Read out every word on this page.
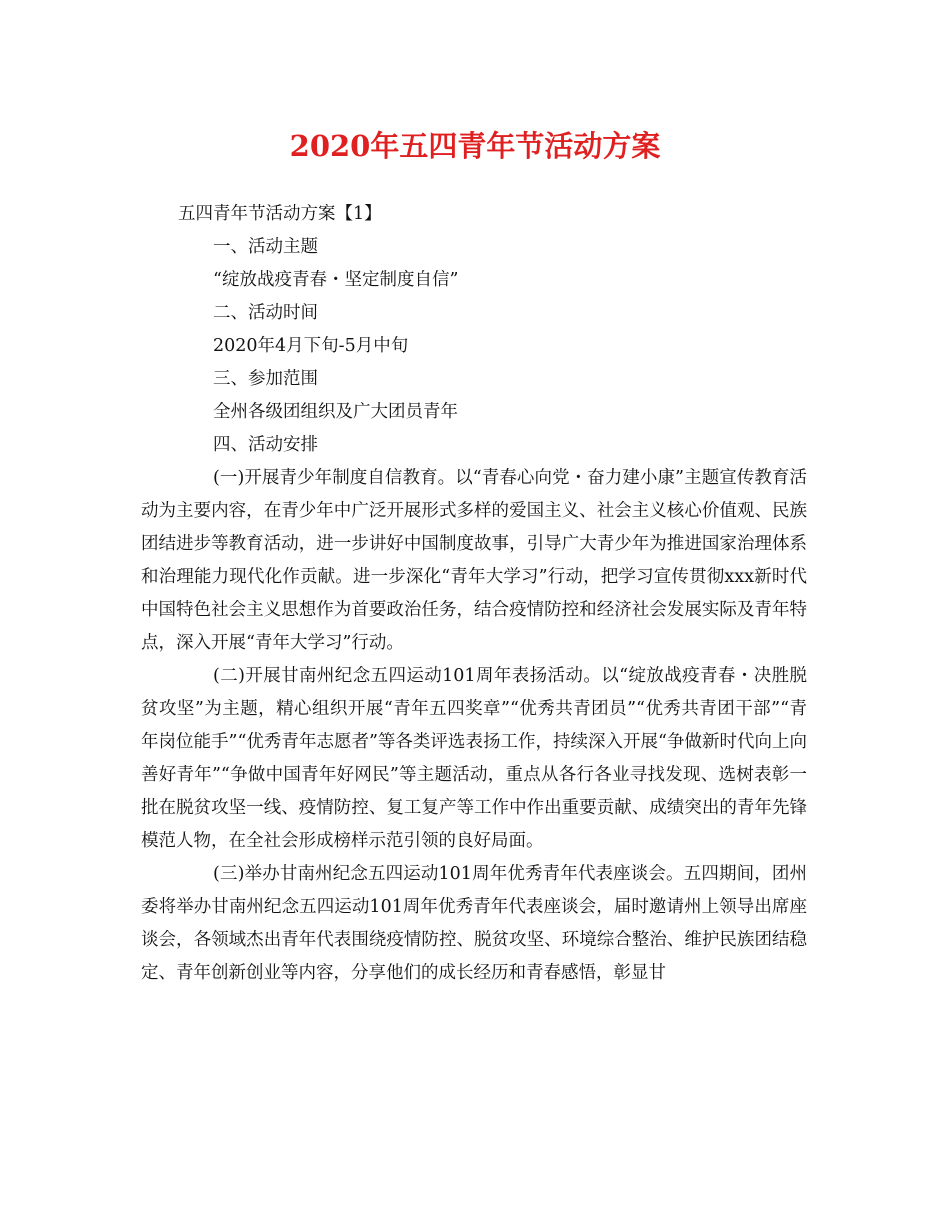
2020年五四青年节活动方案

五四青年节活动方案【1】

一、活动主题

“绽放战疫青春・坚定制度自信”

二、活动时间

2020年4月下旬-5月中旬

三、参加范围

全州各级团组织及广大团员青年

四、活动安排

(一)开展青少年制度自信教育。以“青春心向党・奋力建小康”主题宣传教育活动为主要内容，在青少年中广泛开展形式多样的爱国主义、社会主义核心价值观、民族团结进步等教育活动，进一步讲好中国制度故事，引导广大青少年为推进国家治理体系和治理能力现代化作贡献。进一步深化“青年大学习”行动，把学习宣传贯彻xxx新时代中国特色社会主义思想作为首要政治任务，结合疫情防控和经济社会发展实际及青年特点，深入开展“青年大学习”行动。

(二)开展甘南州纪念五四运动101周年表扬活动。以“绽放战疫青春・决胜脱贫攻坚”为主题，精心组织开展“青年五四奖章”“优秀共青团员”“优秀共青团干部”“青年岗位能手”“优秀青年志愿者”等各类评选表扬工作，持续深入开展“争做新时代向上向善好青年”“争做中国青年好网民”等主题活动，重点从各行各业寻找发现、选树表彰一批在脱贫攻坚一线、疫情防控、复工复产等工作中作出重要贡献、成绩突出的青年先锋模范人物，在全社会形成榜样示范引领的良好局面。

(三)举办甘南州纪念五四运动101周年优秀青年代表座谈会。五四期间，团州委将举办甘南州纪念五四运动101周年优秀青年代表座谈会，届时邀请州上领导出席座谈会，各领域杰出青年代表围绕疫情防控、脱贫攻坚、环境综合整治、维护民族团结稳定、青年创新创业等内容，分享他们的成长经历和青春感悟，彰显甘
